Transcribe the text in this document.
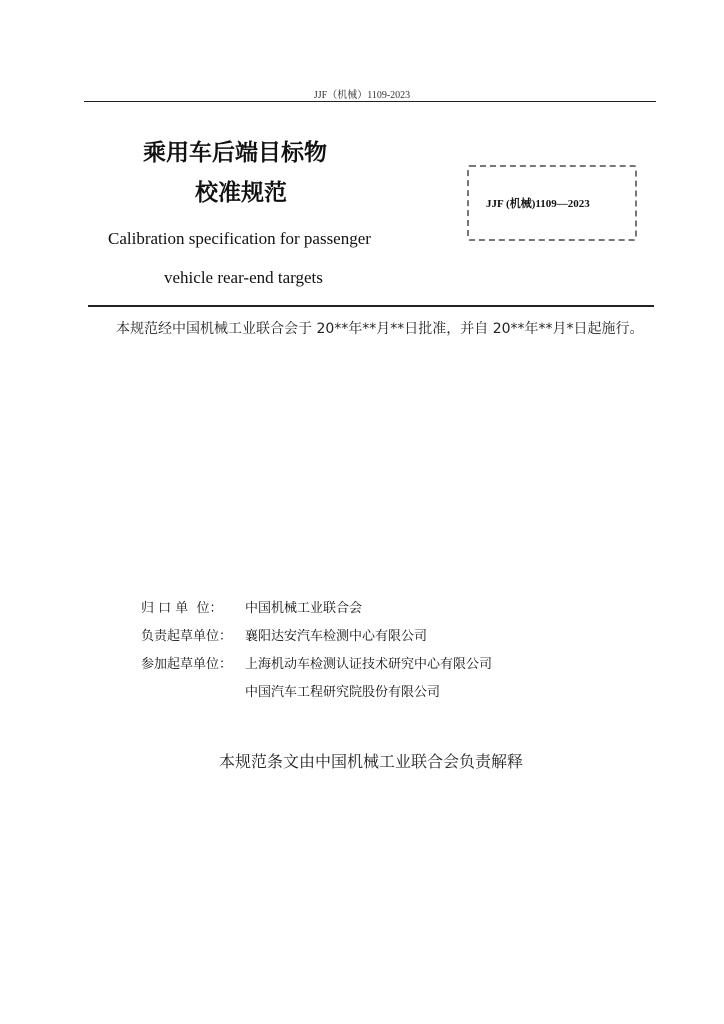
JJF（机械）1109-2023
乘用车后端目标物
校准规范
Calibration specification for passenger
vehicle rear-end targets
JJF (机械)1109—2023
本规范经中国机械工业联合会于 20**年**月**日批准，并自 20**年**月*日起施行。
归 口 单  位：	中国机械工业联合会
负责起草单位： 襄阳达安汽车检测中心有限公司
参加起草单位： 上海机动车检测认证技术研究中心有限公司
中国汽车工程研究院股份有限公司
本规范条文由中国机械工业联合会负责解释
